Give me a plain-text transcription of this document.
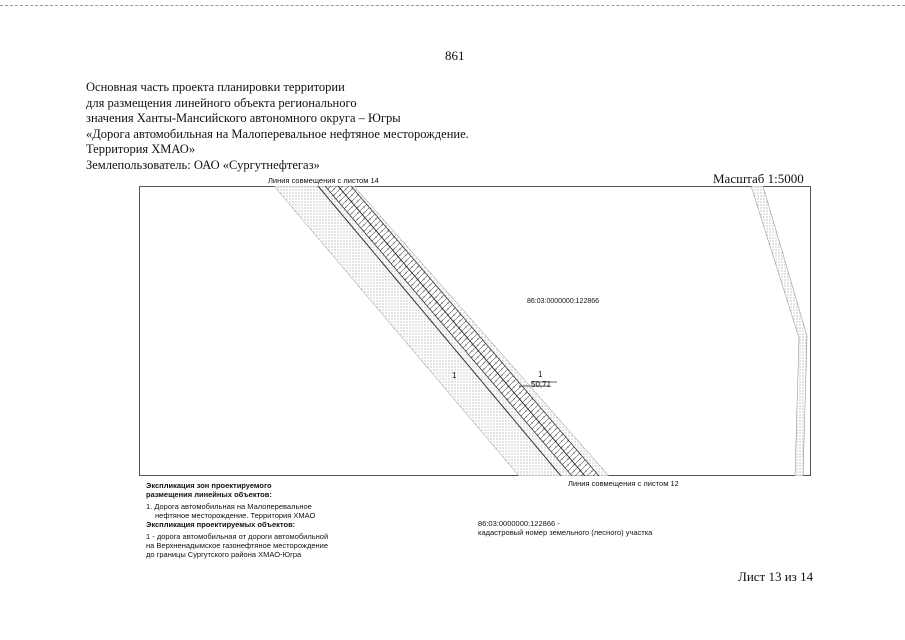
861
Основная часть проекта планировки территории
для размещения линейного объекта регионального
значения Ханты-Мансийского автономного округа – Югры
«Дорога автомобильная на Малоперевальное нефтяное месторождение.
Территория ХМАО»
Землепользователь: ОАО «Сургутнефтегаз»
Масштаб 1:5000
Линия совмещения с листом 14
Линия совмещения с листом 12
86:03:0000000:122866
1
50,71
1
Экспликация зон проектируемого
размещения линейных объектов:
1. Дорога автомобильная на Малоперевальное
нефтяное месторождение. Территория ХМАО
Экспликация проектируемых объектов:
1 - дорога автомобильная от дороги автомобильной
на Верхненадымское газонефтяное месторождение
до границы Сургутского района ХМАО-Югра
86:03:0000000:122866 -
кадастровый номер земельного (лесного) участка
Лист 13 из 14
